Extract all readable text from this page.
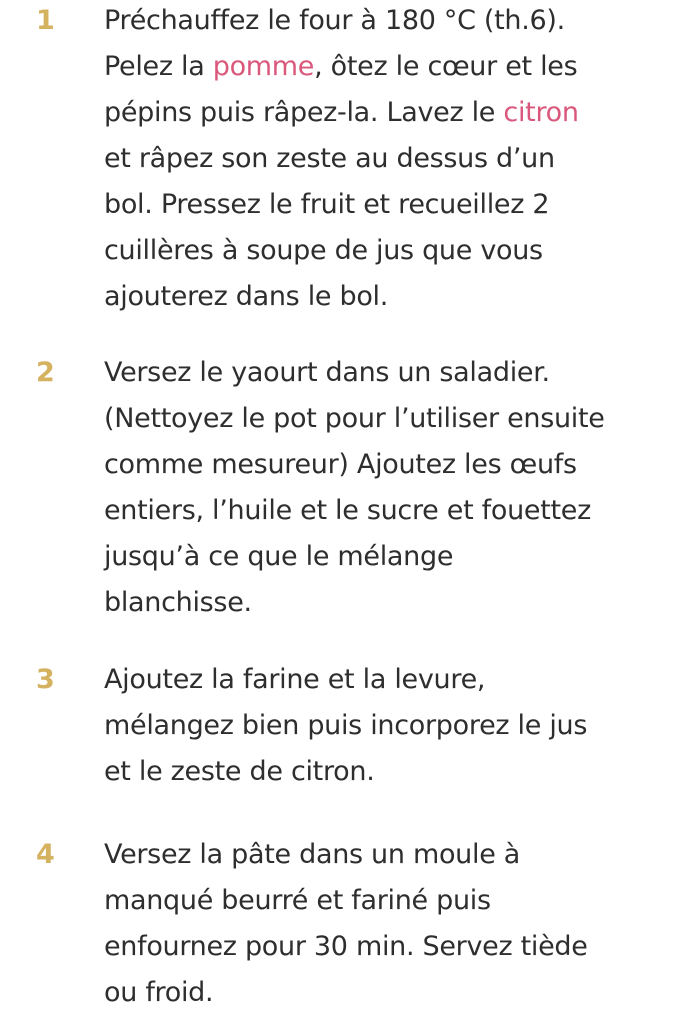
1	Préchauffez le four à 180 °C (th.6).
Pelez la pomme, ôtez le cœur et les
pépins puis râpez-la. Lavez le citron
et râpez son zeste au dessus d’un
bol. Pressez le fruit et recueillez 2
cuillères à soupe de jus que vous
ajouterez dans le bol.
2	Versez le yaourt dans un saladier.
(Nettoyez le pot pour l’utiliser ensuite
comme mesureur) Ajoutez les œufs
entiers, l’huile et le sucre et fouettez
jusqu’à ce que le mélange
blanchisse.
3	Ajoutez la farine et la levure,
mélangez bien puis incorporez le jus
et le zeste de citron.
4	Versez la pâte dans un moule à
manqué beurré et fariné puis
enfournez pour 30 min. Servez tiède
ou froid.
